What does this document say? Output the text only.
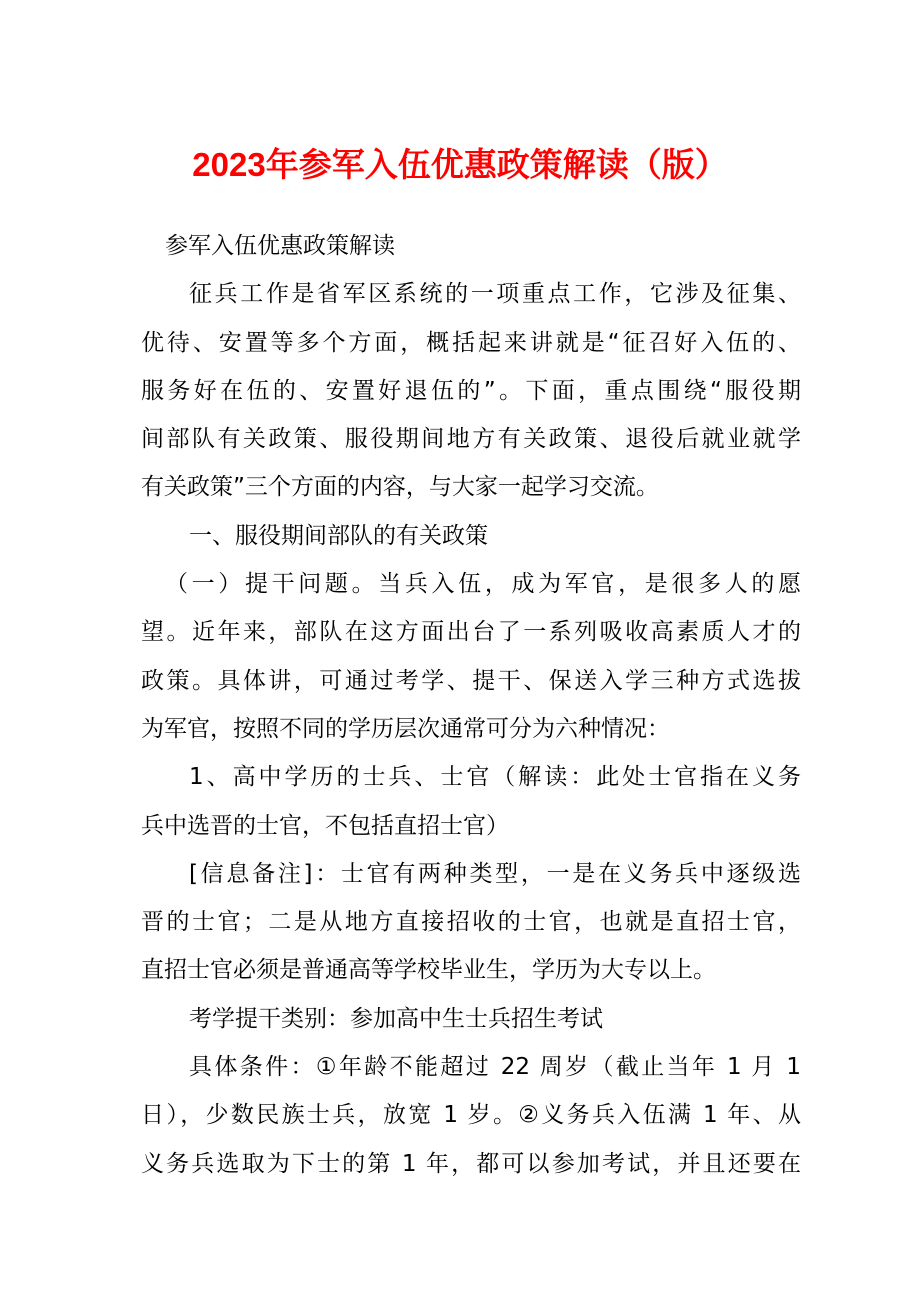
2023年参军入伍优惠政策解读（版）
参军入伍优惠政策解读
征兵工作是省军区系统的一项重点工作，它涉及征集、
优待、安置等多个方面，概括起来讲就是“征召好入伍的、
服务好在伍的、安置好退伍的”。下面，重点围绕“服役期
间部队有关政策、服役期间地方有关政策、退役后就业就学
有关政策”三个方面的内容，与大家一起学习交流。
一、服役期间部队的有关政策
（一）提干问题。当兵入伍，成为军官，是很多人的愿
望。近年来，部队在这方面出台了一系列吸收高素质人才的
政策。具体讲，可通过考学、提干、保送入学三种方式选拔
为军官，按照不同的学历层次通常可分为六种情况：
1、高中学历的士兵、士官（解读：此处士官指在义务
兵中选晋的士官，不包括直招士官）
[信息备注]：士官有两种类型，一是在义务兵中逐级选
晋的士官；二是从地方直接招收的士官，也就是直招士官，
直招士官必须是普通高等学校毕业生，学历为大专以上。
考学提干类别：参加高中生士兵招生考试
具体条件：①年龄不能超过 22 周岁（截止当年 1 月 1
日），少数民族士兵，放宽 1 岁。②义务兵入伍满 1 年、从
义务兵选取为下士的第 1 年，都可以参加考试，并且还要在
